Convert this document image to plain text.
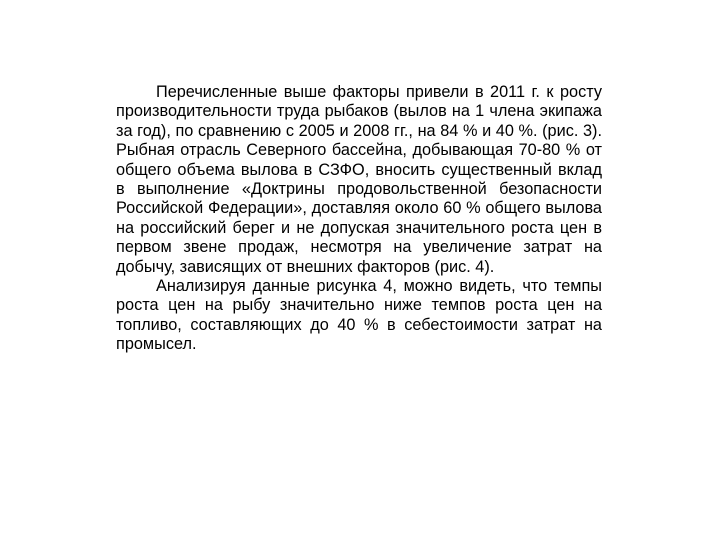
Перечисленные выше факторы привели в 2011 г. к росту производительности труда рыбаков (вылов на 1 члена экипажа за год), по сравнению с 2005 и 2008 гг., на 84 % и 40 %. (рис. 3). Рыбная отрасль Северного бассейна, добывающая 70-80 % от общего объема вылова в СЗФО, вносить существенный вклад в выполнение «Доктрины продовольственной безопасности Российской Федерации», доставляя около 60 % общего вылова на российский берег и не допуская значительного роста цен в первом звене продаж, несмотря на увеличение затрат на добычу, зависящих от внешних факторов (рис. 4).

Анализируя данные рисунка 4, можно видеть, что темпы роста цен на рыбу значительно ниже темпов роста цен на топливо, составляющих до 40 % в себестоимости затрат на промысел.
